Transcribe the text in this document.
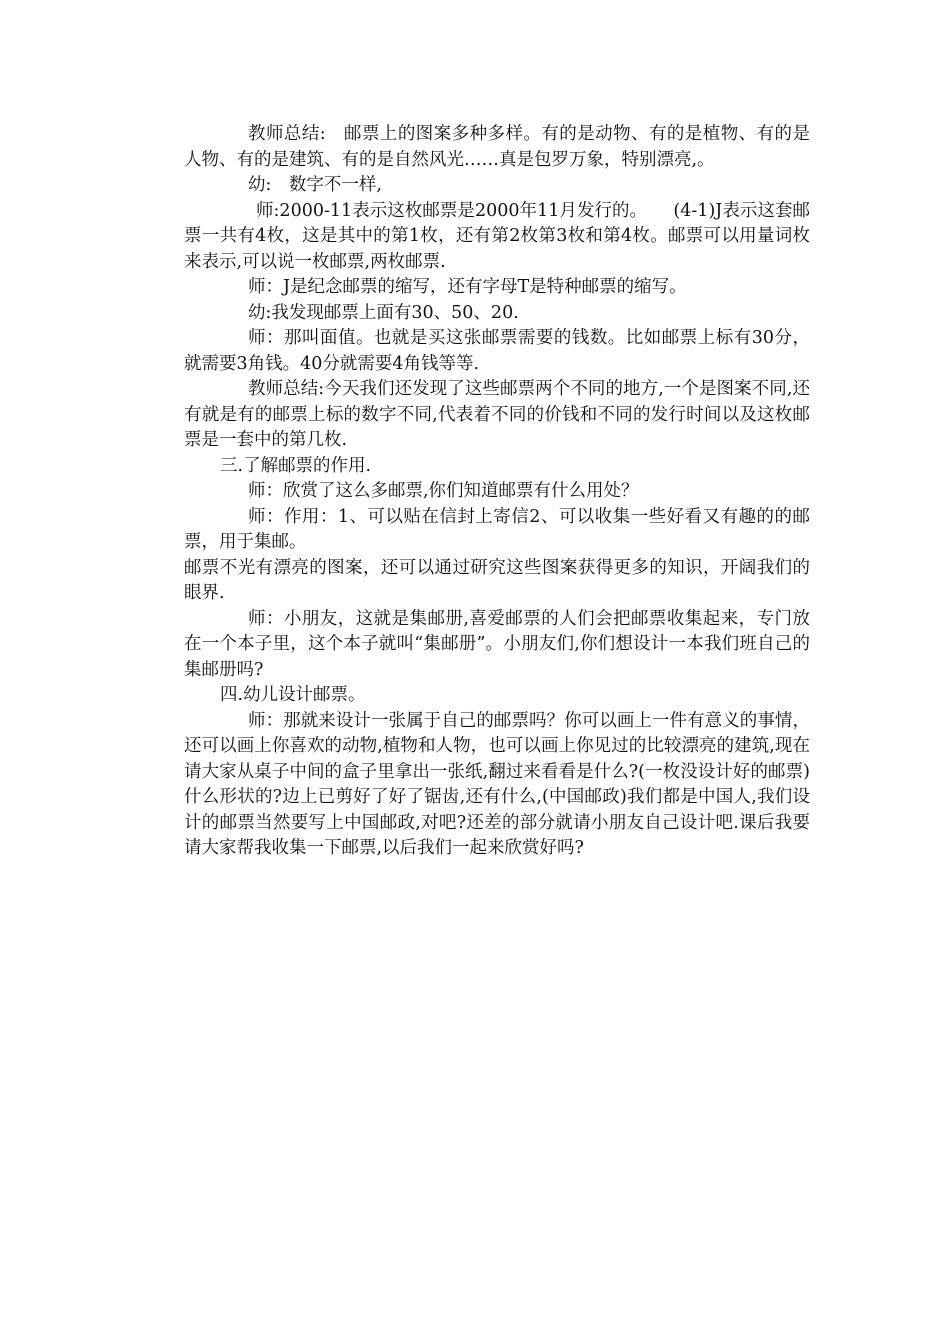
教师总结:　邮票上的图案多种多样。有的是动物、有的是植物、有的是人物、有的是建筑、有的是自然风光……真是包罗万象，特别漂亮,。

幼:　数字不一样,

师:2000-11表示这枚邮票是2000年11月发行的。　　(4-1)J表示这套邮票一共有4枚，这是其中的第1枚，还有第2枚第3枚和第4枚。邮票可以用量词枚来表示,可以说一枚邮票,两枚邮票.

师：J是纪念邮票的缩写，还有字母T是特种邮票的缩写。

幼:我发现邮票上面有30、50、20.

师：那叫面值。也就是买这张邮票需要的钱数。比如邮票上标有30分，就需要3角钱。40分就需要4角钱等等.

教师总结:今天我们还发现了这些邮票两个不同的地方,一个是图案不同,还有就是有的邮票上标的数字不同,代表着不同的价钱和不同的发行时间以及这枚邮票是一套中的第几枚.

三.了解邮票的作用.

师：欣赏了这么多邮票,你们知道邮票有什么用处？

师：作用：1、可以贴在信封上寄信2、可以收集一些好看又有趣的的邮票，用于集邮。

邮票不光有漂亮的图案，还可以通过研究这些图案获得更多的知识，开阔我们的眼界.

师：小朋友，这就是集邮册,喜爱邮票的人们会把邮票收集起来，专门放在一个本子里，这个本子就叫“集邮册”。小朋友们,你们想设计一本我们班自己的集邮册吗?

四.幼儿设计邮票。

师：那就来设计一张属于自己的邮票吗？你可以画上一件有意义的事情，还可以画上你喜欢的动物,植物和人物，也可以画上你见过的比较漂亮的建筑,现在请大家从桌子中间的盒子里拿出一张纸,翻过来看看是什么?(一枚没设计好的邮票)什么形状的?边上已剪好了好了锯齿,还有什么,(中国邮政)我们都是中国人,我们设计的邮票当然要写上中国邮政,对吧?还差的部分就请小朋友自己设计吧.课后我要请大家帮我收集一下邮票,以后我们一起来欣赏好吗?
